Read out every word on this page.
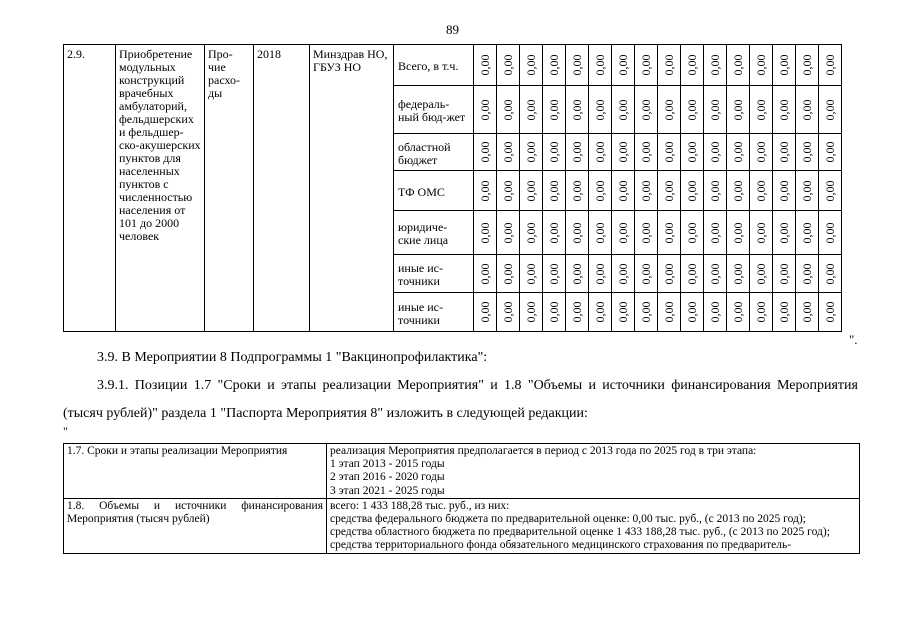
89
2.9.	Приобретение модульных конструкций врачебных амбулаторий, фельдшерских и фельдшер-ско-акушерских пунктов для населенных пунктов с численностью населения от 101 до 2000 человек	Про-чие расхо-ды	2018	Минздрав НО, ГБУЗ НО	Всего, в т.ч.	0,00	0,00	0,00	0,00	0,00	0,00	0,00	0,00	0,00	0,00	0,00	0,00	0,00	0,00	0,00	0,00

					федераль-ный бюд-жет	0,00	0,00	0,00	0,00	0,00	0,00	0,00	0,00	0,00	0,00	0,00	0,00	0,00	0,00	0,00	0,00

					областной бюджет	0,00	0,00	0,00	0,00	0,00	0,00	0,00	0,00	0,00	0,00	0,00	0,00	0,00	0,00	0,00	0,00

					ТФ ОМС	0,00	0,00	0,00	0,00	0,00	0,00	0,00	0,00	0,00	0,00	0,00	0,00	0,00	0,00	0,00	0,00

					юридиче-ские лица	0,00	0,00	0,00	0,00	0,00	0,00	0,00	0,00	0,00	0,00	0,00	0,00	0,00	0,00	0,00	0,00

					иные ис-точники	0,00	0,00	0,00	0,00	0,00	0,00	0,00	0,00	0,00	0,00	0,00	0,00	0,00	0,00	0,00	0,00

					иные ис-точники	0,00	0,00	0,00	0,00	0,00	0,00	0,00	0,00	0,00	0,00	0,00	0,00	0,00	0,00	0,00	0,00
".
3.9. В Мероприятии 8 Подпрограммы 1 "Вакцинопрофилактика":
3.9.1. Позиции 1.7 "Сроки и этапы реализации Мероприятия" и 1.8 "Объемы и источники финансирования Мероприятия (тысяч рублей)" раздела 1 "Паспорта Мероприятия 8" изложить в следующей редакции:
"
1.7. Сроки и этапы реализации Мероприятия	реализация Мероприятия предполагается в период с 2013 года по 2025 год в три этапа:
1 этап 2013 - 2015 годы
2 этап 2016 - 2020 годы
3 этап 2021 - 2025 годы

1.8. Объемы и источники финансирования Мероприятия (тысяч рублей)	всего: 1 433 188,28 тыс. руб., из них:
средства федерального бюджета по предварительной оценке: 0,00 тыс. руб., (с 2013 по 2025 год);
средства областного бюджета по предварительной оценке 1 433 188,28 тыс. руб., (с 2013 по 2025 год);
средства территориального фонда обязательного медицинского страхования по предваритель-
